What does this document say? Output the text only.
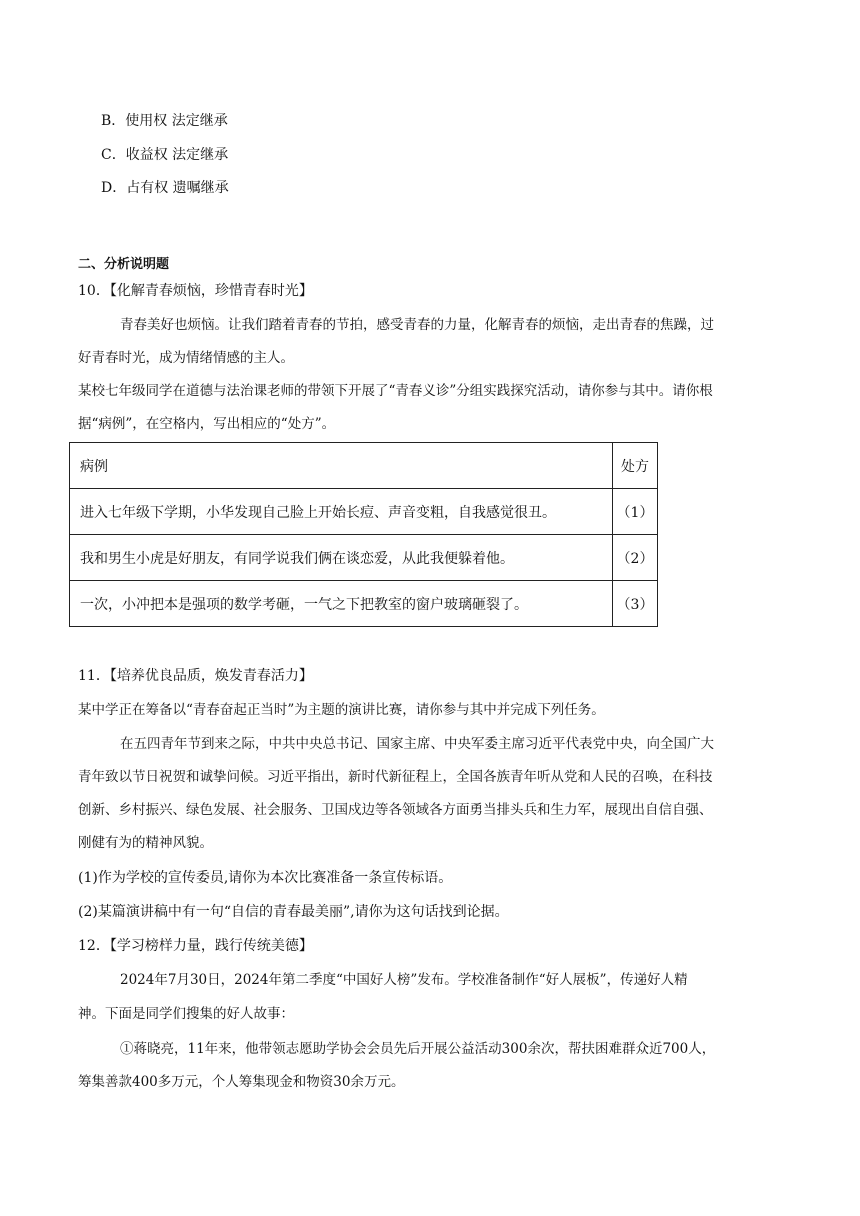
B．使用权 法定继承
C．收益权 法定继承
D．占有权 遗嘱继承
二、分析说明题
10．【化解青春烦恼，珍惜青春时光】
青春美好也烦恼。让我们踏着青春的节拍，感受青春的力量，化解青春的烦恼，走出青春的焦躁，过
好青春时光，成为情绪情感的主人。
某校七年级同学在道德与法治课老师的带领下开展了“青春义诊”分组实践探究活动，请你参与其中。请你根
据“病例”，在空格内，写出相应的“处方”。
病例	处方
进入七年级下学期，小华发现自己脸上开始长痘、声音变粗，自我感觉很丑。	（1）
我和男生小虎是好朋友，有同学说我们俩在谈恋爱，从此我便躲着他。	（2）
一次，小冲把本是强项的数学考砸，一气之下把教室的窗户玻璃砸裂了。	（3）
11．【培养优良品质，焕发青春活力】
某中学正在筹备以“青春奋起正当时”为主题的演讲比赛，请你参与其中并完成下列任务。
在五四青年节到来之际，中共中央总书记、国家主席、中央军委主席习近平代表党中央，向全国广大
青年致以节日祝贺和诚挚问候。习近平指出，新时代新征程上，全国各族青年听从党和人民的召唤，在科技
创新、乡村振兴、绿色发展、社会服务、卫国戍边等各领域各方面勇当排头兵和生力军，展现出自信自强、
刚健有为的精神风貌。
(1)作为学校的宣传委员,请你为本次比赛准备一条宣传标语。
(2)某篇演讲稿中有一句“自信的青春最美丽”,请你为这句话找到论据。
12．【学习榜样力量，践行传统美德】
2024年7月30日，2024年第二季度“中国好人榜”发布。学校准备制作“好人展板”，传递好人精
神。下面是同学们搜集的好人故事：
①蒋晓亮，11年来，他带领志愿助学协会会员先后开展公益活动300余次，帮扶困难群众近700人，
筹集善款400多万元，个人筹集现金和物资30余万元。
